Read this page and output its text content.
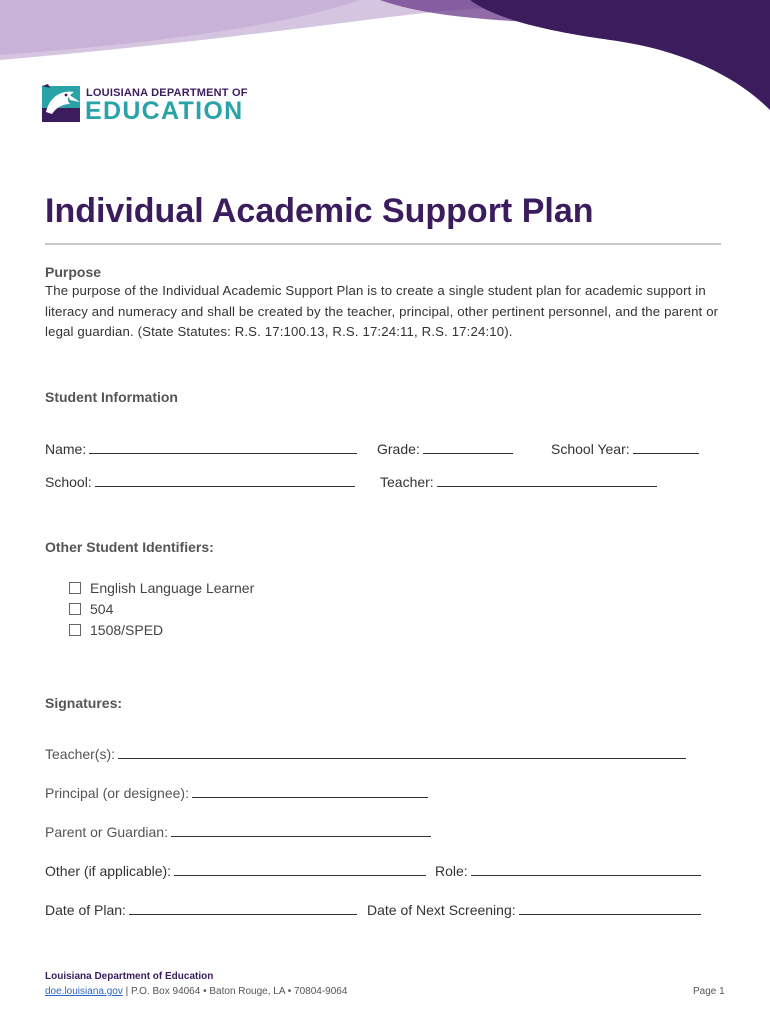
LOUISIANA DEPARTMENT OF
EDUCATION
Individual Academic Support Plan
Purpose
The purpose of the Individual Academic Support Plan is to create a single student plan for academic support in literacy and numeracy and shall be created by the teacher, principal, other pertinent personnel, and the parent or legal guardian. (State Statutes: R.S. 17:100.13, R.S. 17:24:11, R.S. 17:24:10).
Student Information
Name:	Grade:	School Year:
School:	Teacher:
Other Student Identifiers:
English Language Learner
504
1508/SPED
Signatures:
Teacher(s):
Principal (or designee):
Parent or Guardian:
Other (if applicable):	Role:
Date of Plan:	Date of Next Screening:
Louisiana Department of Education
doe.louisiana.gov | P.O. Box 94064 • Baton Rouge, LA • 70804-9064	Page 1
